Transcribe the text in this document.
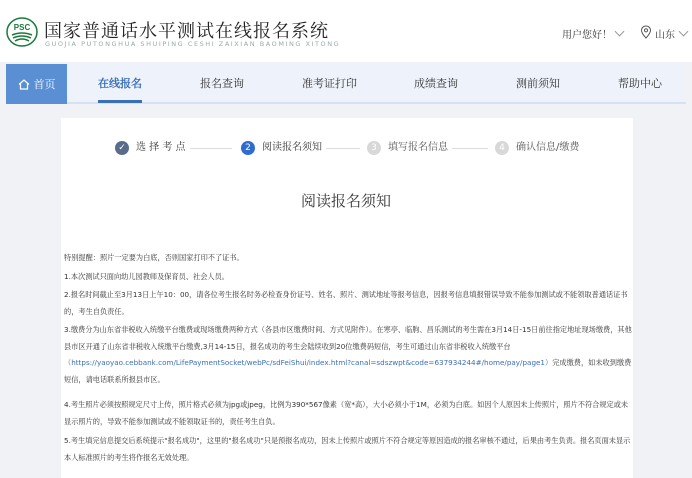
PSC 国家普通话水平测试在线报名系统
GUOJIA PUTONGHUA SHUIPING CESHI ZAIXIAN BAOMING XITONG
用户您好！	山东
首页	在线报名	报名查询	准考证打印	成绩查询	测前须知	帮助中心
✓	选 择 考 点	2	阅读报名须知	3	填写报名信息	4	确认信息/缴费
阅读报名须知
特别提醒：照片一定要为白底，否则国家打印不了证书。
1.本次测试只面向幼儿园教师及保育员、社会人员。
2.报名时间截止至3月13日上午10：00，请各位考生报名时务必检查身份证号、姓名、照片、测试地址等报考信息，因报考信息填报错误导致不能参加测试或不能领取普通话证书的，考生自负责任。
3.缴费分为山东省非税收入统缴平台缴费或现场缴费两种方式（各县市区缴费时间、方式见附件）。在寒亭、临朐、昌乐测试的考生需在3月14日-15日前往指定地址现场缴费，其他县市区开通了山东省非税收入统缴平台缴费,3月14-15日，报名成功的考生会陆续收到20位缴费码短信，考生可通过山东省非税收入统缴平台（https://yaoyao.cebbank.com/LifePaymentSocket/webPc/sdFeiShui/index.html?canal=sdszwpt&code=637934244#/home/pay/page1）完成缴费，如未收到缴费短信，请电话联系所报县市区。
4.考生照片必须按照规定尺寸上传，照片格式必须为jpg或jpeg，比例为390*567像素（宽*高），大小必须小于1M，必须为白底。如因个人原因未上传照片，照片不符合规定或未显示照片的，导致不能参加测试或不能领取证书的，责任考生自负。
5.考生填完信息提交后系统提示"报名成功"，这里的"报名成功"只是预报名成功，因未上传照片或照片不符合规定等原因造成的报名审核不通过，后果由考生负责。报名页面未显示本人标准照片的考生将作报名无效处理。
